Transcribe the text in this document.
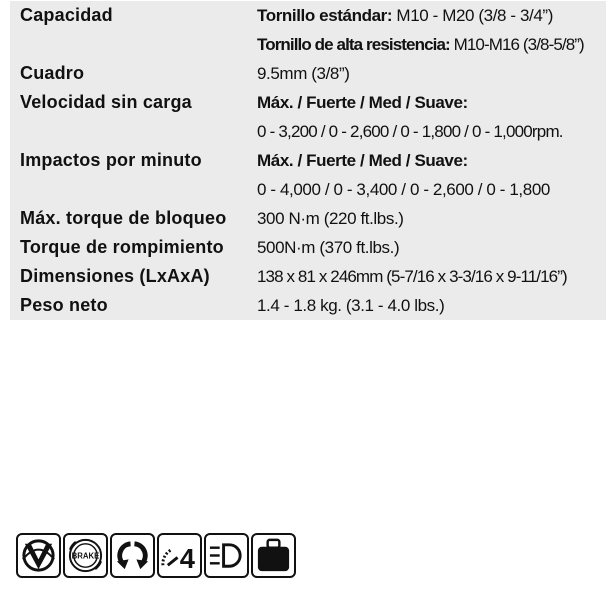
Capacidad	Tornillo estándar: M10 - M20 (3/8 - 3/4”)
Tornillo de alta resistencia: M10-M16 (3/8-5/8”)
Cuadro	9.5mm (3/8”)
Velocidad sin carga	Máx. / Fuerte / Med / Suave:
0 - 3,200 / 0 - 2,600 / 0 - 1,800 / 0 - 1,000rpm.
Impactos por minuto	Máx. / Fuerte / Med / Suave:
0 - 4,000 / 0 - 3,400 / 0 - 2,600 / 0 - 1,800
Máx. torque de bloqueo	300 N·m (220 ft.lbs.)
Torque de rompimiento	500N·m (370 ft.lbs.)
Dimensiones (LxAxA)	138 x 81 x 246mm (5-7/16 x 3-3/16 x 9-11/16”)
Peso neto	1.4 - 1.8 kg. (3.1 - 4.0 lbs.)
BRAKE	4
